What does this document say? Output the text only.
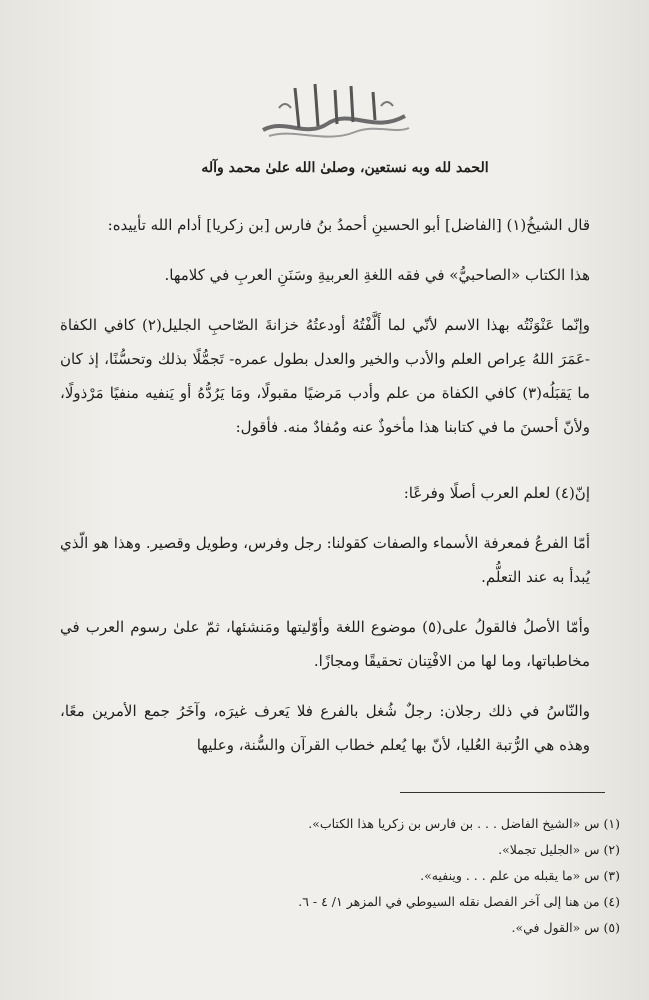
بسم الله الرحمن الرحيم
الحمد لله وبه نستعين، وصلىٰ الله علىٰ محمد وآله
قال الشيخُ(١) [الفاضل] أبو الحسينِ أحمدُ بنُ فارس [بن زكريا] أدام الله تأييده:
هذا الكتاب «الصاحبيُّ» في فقه اللغةِ العربيةِ وسَنَنِ العربِ في كلامها.
وإنّما عَنْوَنْتُه بهذا الاسم لأنّي لما أَلَّفْتُهُ أودعتُهُ خزانةَ الصّاحبِ الجليل(٢) كافي الكفاة -عَمَرَ اللهُ عِراص العلم والأدب والخير والعدل بطول عمره- تَجمُّلًا بذلك وتحسُّنًا، إذ كان ما يَقبَلُه(٣) كافي الكفاة من علم وأدب مَرضيًا مقبولًا، ومَا يَرُدُّهُ أو يَنفيه منفيًا مَرْذولًا، ولأنّ أحسنَ ما في كتابنا هذا مأخوذٌ عنه ومُفادٌ منه. فأقول:
إنّ(٤) لعلم العرب أصلًا وفرعًا:
أمّا الفرعُ فمعرفة الأسماء والصفات كقولنا: رجل وفرس، وطويل وقصير. وهذا هو الّذي يُبدأ به عند التعلُّم.
وأمّا الأصلُ فالقولُ على(٥) موضوع اللغة وأوّليتها ومَنشئها، ثمّ علىٰ رسوم العرب في مخاطباتها، وما لها من الافْتِنان تحقيقًا ومجازًا.
والنّاسُ في ذلك رجلان: رجلٌ شُغل بالفرع فلا يَعرف غيرَه، وآخَرُ جمع الأمرين معًا، وهذه هي الرُّتبة العُليا، لأنّ بها يُعلم خطاب القرآن والسُّنة، وعليها
(١) س «الشيخ الفاضل . . . بن فارس بن زكريا هذا الكتاب».
(٢) س «الجليل تجملا».
(٣) س «ما يقبله من علم . . . وينفيه».
(٤) من هنا إلى آخر الفصل نقله السيوطي في المزهر ١/ ٤ - ٦.
(٥) س «القول في».
